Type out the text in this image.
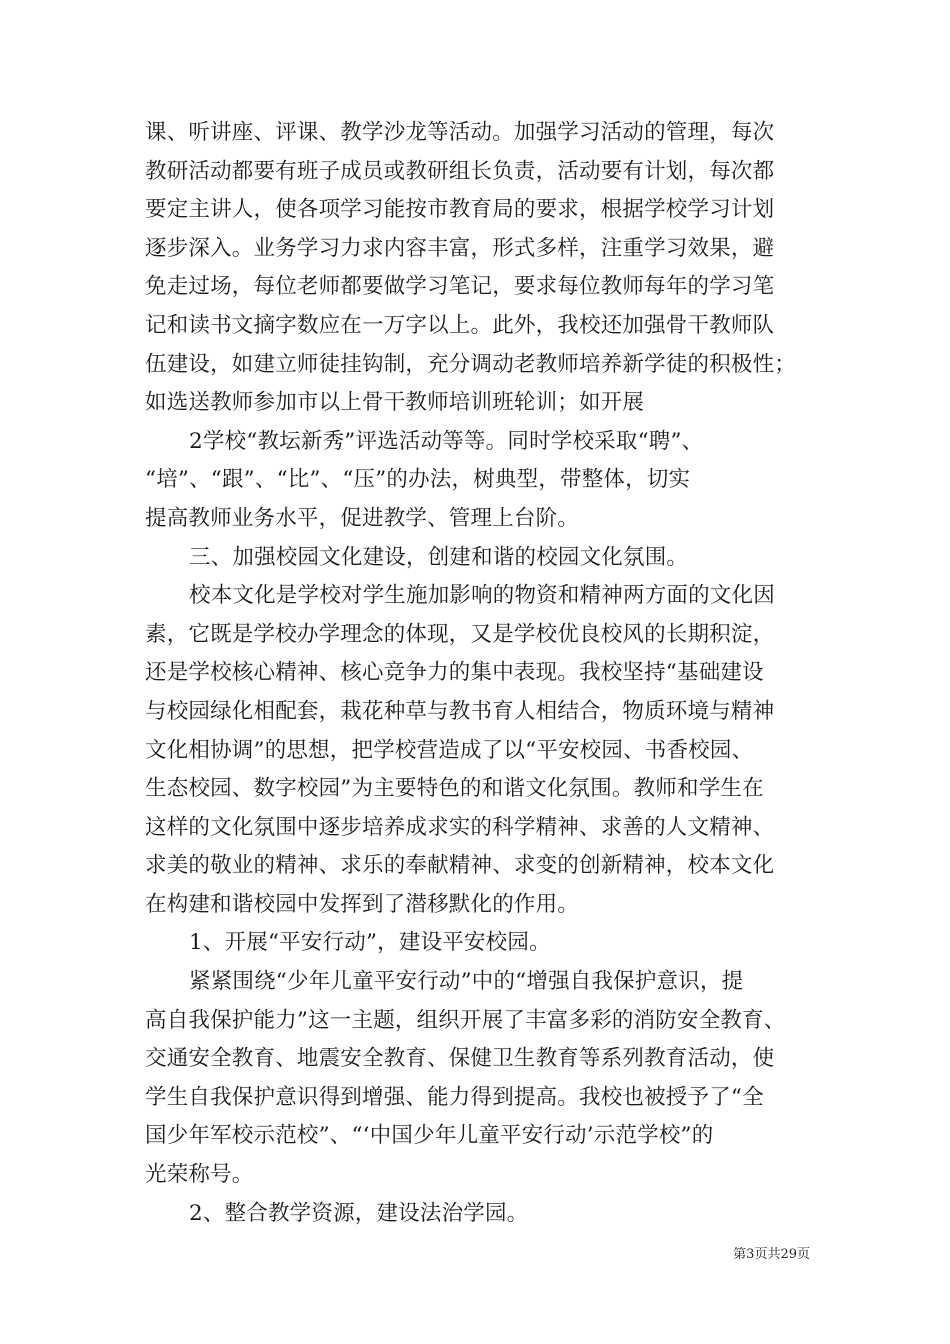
课、听讲座、评课、教学沙龙等活动。加强学习活动的管理，每次
教研活动都要有班子成员或教研组长负责，活动要有计划，每次都
要定主讲人，使各项学习能按市教育局的要求，根据学校学习计划
逐步深入。业务学习力求内容丰富，形式多样，注重学习效果，避
免走过场，每位老师都要做学习笔记，要求每位教师每年的学习笔
记和读书文摘字数应在一万字以上。此外，我校还加强骨干教师队
伍建设，如建立师徒挂钩制，充分调动老教师培养新学徒的积极性；
如选送教师参加市以上骨干教师培训班轮训；如开展
2学校“教坛新秀”评选活动等等。同时学校采取“聘”、
“培”、“跟”、“比”、“压”的办法，树典型，带整体，切实
提高教师业务水平，促进教学、管理上台阶。
三、加强校园文化建设，创建和谐的校园文化氛围。
校本文化是学校对学生施加影响的物资和精神两方面的文化因
素，它既是学校办学理念的体现，又是学校优良校风的长期积淀，
还是学校核心精神、核心竞争力的集中表现。我校坚持“基础建设
与校园绿化相配套，栽花种草与教书育人相结合，物质环境与精神
文化相协调”的思想，把学校营造成了以“平安校园、书香校园、
生态校园、数字校园”为主要特色的和谐文化氛围。教师和学生在
这样的文化氛围中逐步培养成求实的科学精神、求善的人文精神、
求美的敬业的精神、求乐的奉献精神、求变的创新精神，校本文化
在构建和谐校园中发挥到了潜移默化的作用。
1、开展“平安行动”，建设平安校园。
紧紧围绕“少年儿童平安行动”中的“增强自我保护意识，提
高自我保护能力”这一主题，组织开展了丰富多彩的消防安全教育、
交通安全教育、地震安全教育、保健卫生教育等系列教育活动，使
学生自我保护意识得到增强、能力得到提高。我校也被授予了“全
国少年军校示范校”、“‘中国少年儿童平安行动’示范学校”的
光荣称号。
2、整合教学资源，建设法治学园。
第3页共29页
